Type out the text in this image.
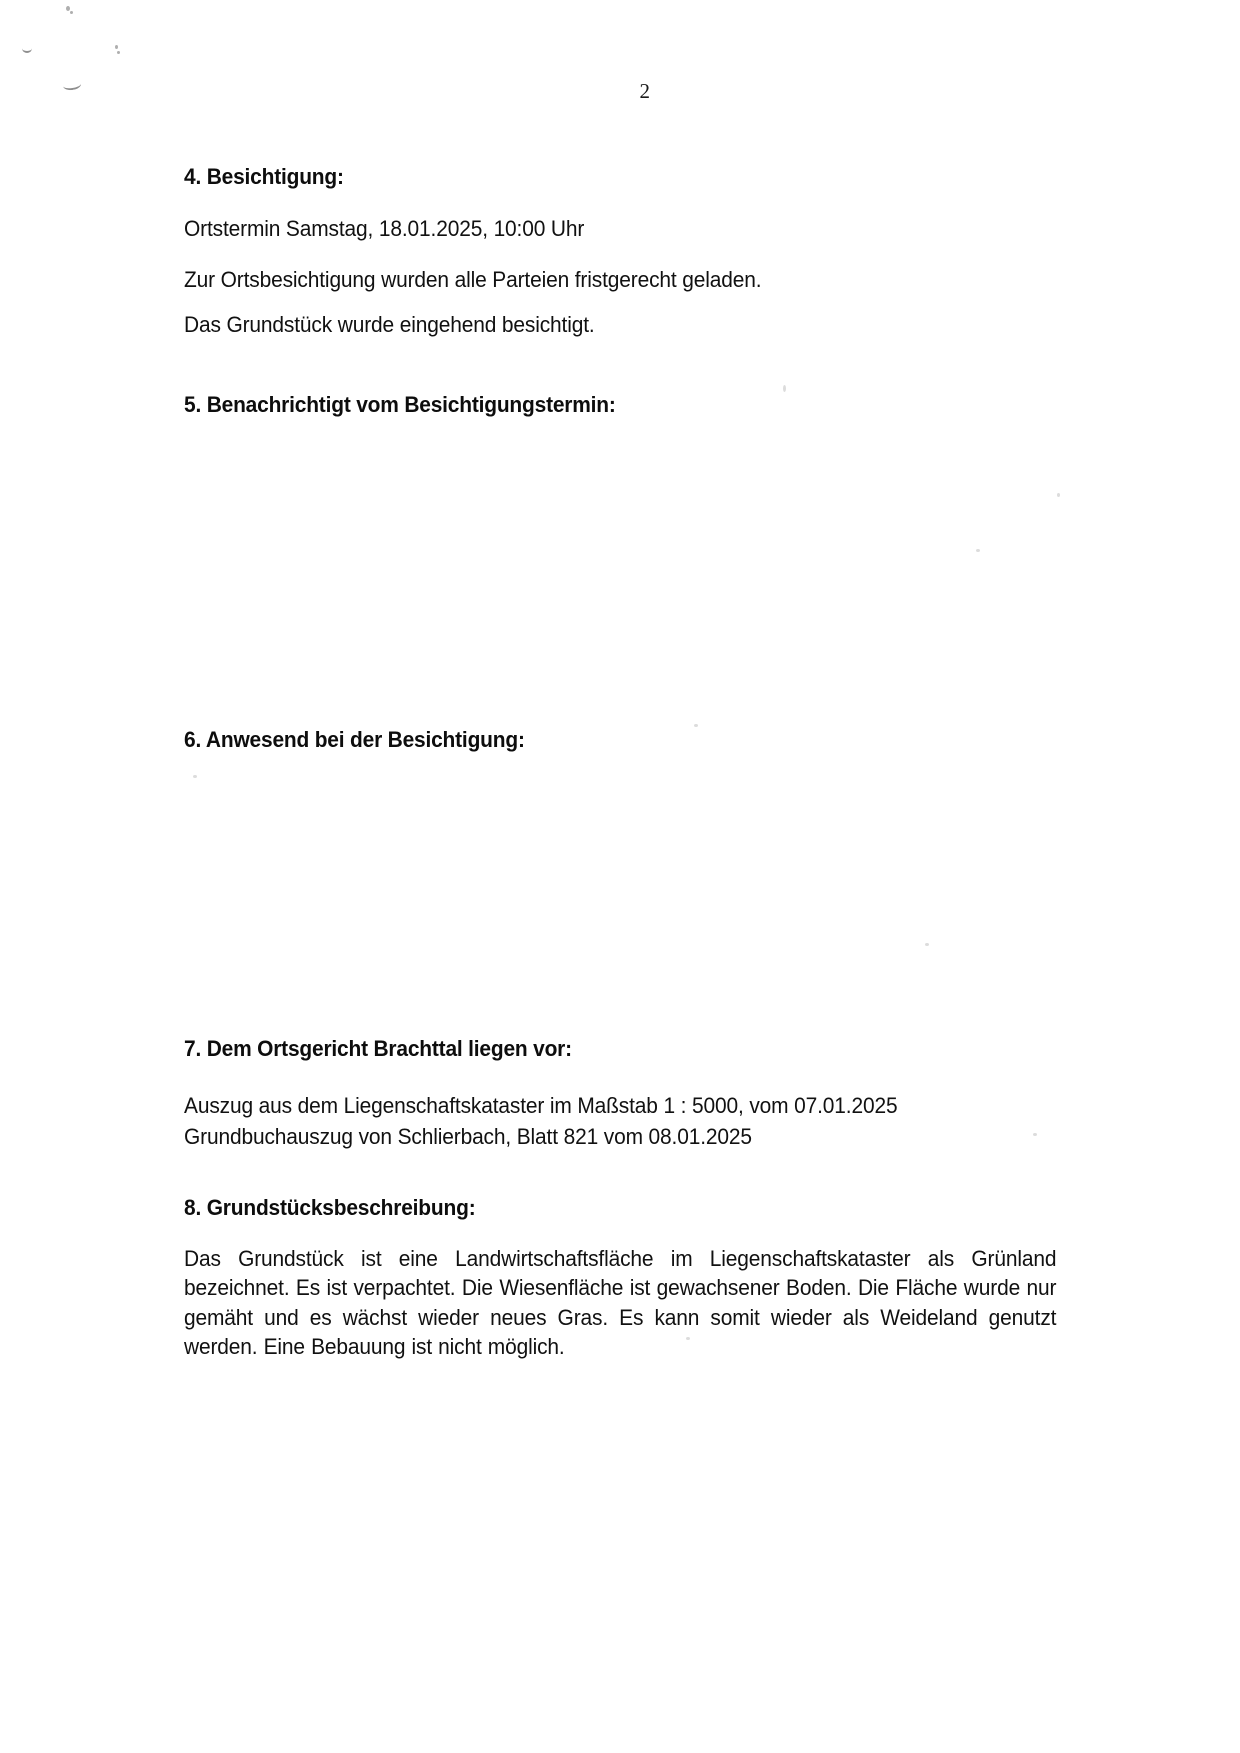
2
4. Besichtigung:
Ortstermin Samstag, 18.01.2025, 10:00 Uhr
Zur Ortsbesichtigung wurden alle Parteien fristgerecht geladen.
Das Grundstück wurde eingehend besichtigt.
5. Benachrichtigt vom Besichtigungstermin:
6. Anwesend bei der Besichtigung:
7. Dem Ortsgericht Brachttal liegen vor:
Auszug aus dem Liegenschaftskataster im Maßstab 1 : 5000, vom 07.01.2025
Grundbuchauszug von Schlierbach, Blatt 821 vom 08.01.2025
8. Grundstücksbeschreibung:
Das Grundstück ist eine Landwirtschaftsfläche im Liegenschaftskataster als Grünland bezeichnet. Es ist verpachtet. Die Wiesenfläche ist gewachsener Boden. Die Fläche wurde nur gemäht und es wächst wieder neues Gras. Es kann somit wieder als Weideland genutzt werden. Eine Bebauung ist nicht möglich.
